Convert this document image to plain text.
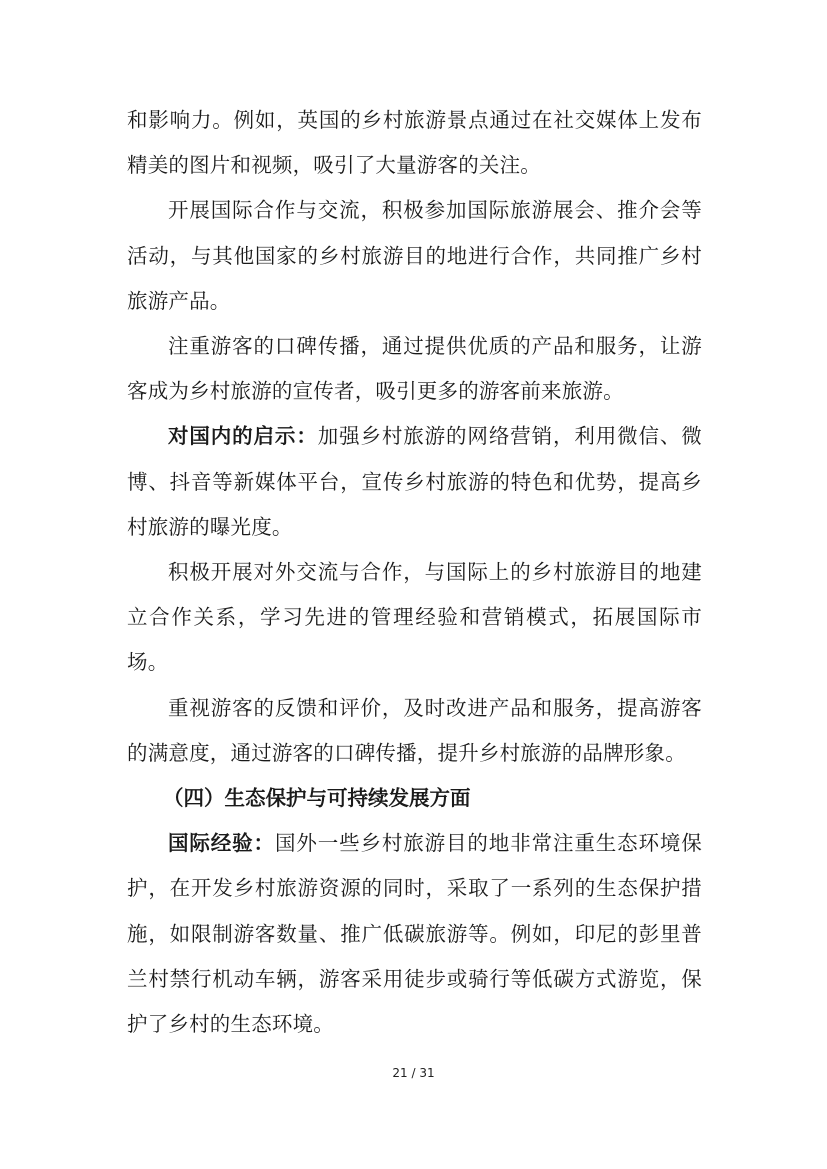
和影响力。例如，英国的乡村旅游景点通过在社交媒体上发布精美的图片和视频，吸引了大量游客的关注。

开展国际合作与交流，积极参加国际旅游展会、推介会等活动，与其他国家的乡村旅游目的地进行合作，共同推广乡村旅游产品。

注重游客的口碑传播，通过提供优质的产品和服务，让游客成为乡村旅游的宣传者，吸引更多的游客前来旅游。

对国内的启示：加强乡村旅游的网络营销，利用微信、微博、抖音等新媒体平台，宣传乡村旅游的特色和优势，提高乡村旅游的曝光度。

积极开展对外交流与合作，与国际上的乡村旅游目的地建立合作关系，学习先进的管理经验和营销模式，拓展国际市场。

重视游客的反馈和评价，及时改进产品和服务，提高游客的满意度，通过游客的口碑传播，提升乡村旅游的品牌形象。

（四）生态保护与可持续发展方面

国际经验：国外一些乡村旅游目的地非常注重生态环境保护，在开发乡村旅游资源的同时，采取了一系列的生态保护措施，如限制游客数量、推广低碳旅游等。例如，印尼的彭里普兰村禁行机动车辆，游客采用徒步或骑行等低碳方式游览，保护了乡村的生态环境。

21 / 31
